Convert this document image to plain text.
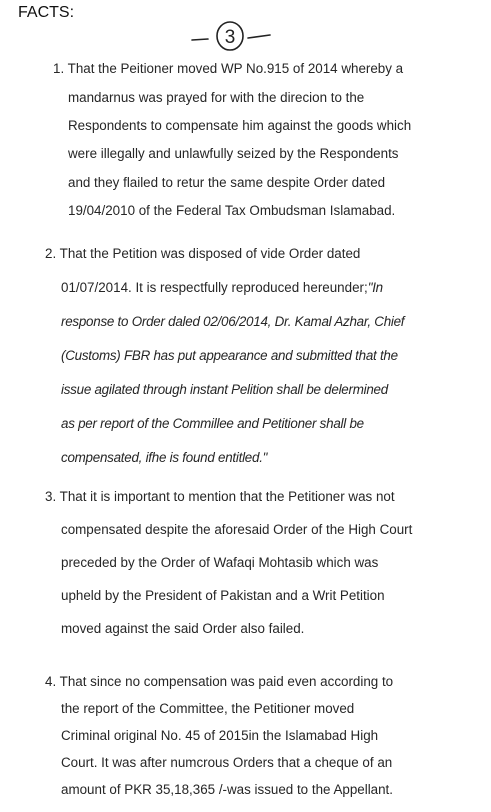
FACTS:
3
1. That the Peitioner moved WP No.915 of 2014 whereby a
mandarnus was prayed for with the direcion to the
Respondents to compensate him against the goods which
were illegally and unlawfully seized by the Respondents
and they flailed to retur the same despite Order dated
19/04/2010 of the Federal Tax Ombudsman Islamabad.
2. That the Petition was disposed of vide Order dated
01/07/2014. It is respectfully reproduced hereunder;"In
response to Order daled 02/06/2014, Dr. Kamal Azhar, Chief
(Customs) FBR has put appearance and submitted that the
issue agilated through instant Pelition shall be delermined
as per report of the Commillee and Petitioner shall be
compensated, ifhe is found entitled."
3. That it is important to mention that the Petitioner was not
compensated despite the aforesaid Order of the High Court
preceded by the Order of Wafaqi Mohtasib which was
upheld by the President of Pakistan and a Writ Petition
moved against the said Order also failed.
4. That since no compensation was paid even according to
the report of the Committee, the Petitioner moved
Criminal original No. 45 of 2015in the Islamabad High
Court. It was after numcrous Orders that a cheque of an
amount of PKR 35,18,365 /-was issued to the Appellant.
